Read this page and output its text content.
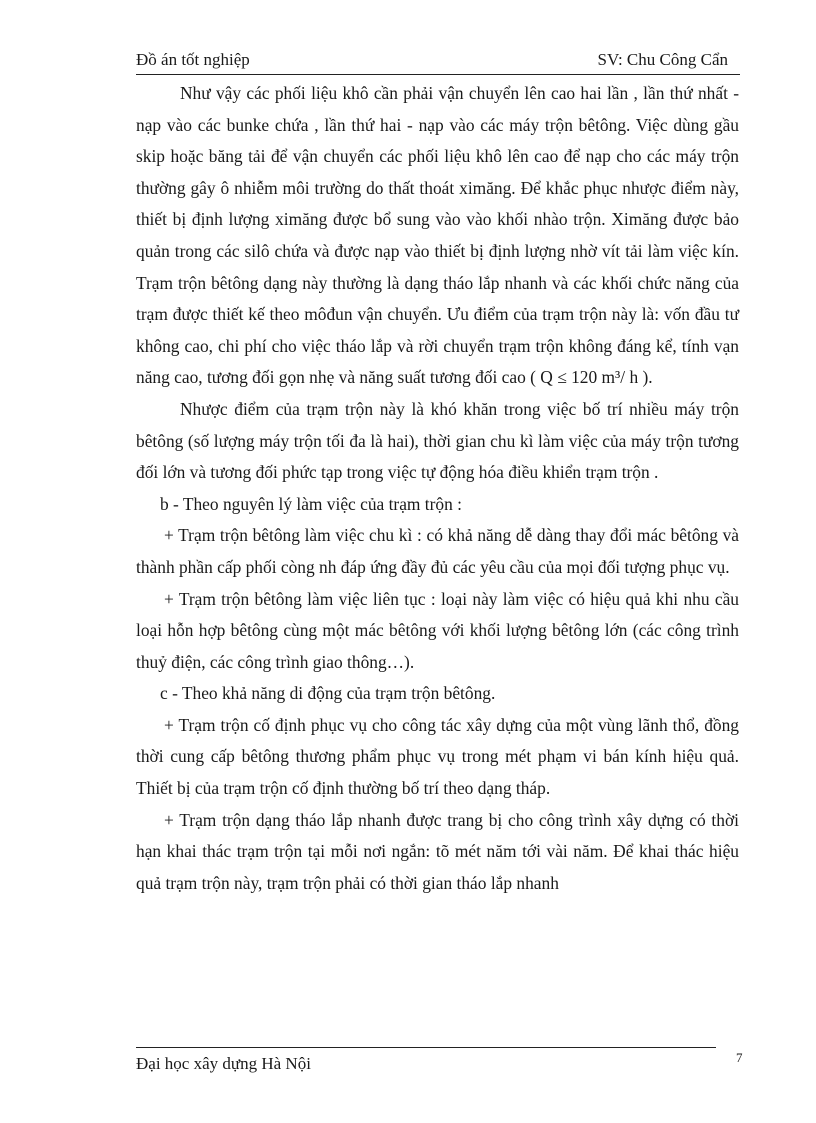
Đồ án tốt nghiệp	SV: Chu Công Cẩn

Như vậy các phối liệu khô cần phải vận chuyển lên cao hai lần , lần thứ nhất - nạp vào các bunke chứa , lần thứ hai - nạp vào các máy trộn bêtông. Việc dùng gầu skip hoặc băng tải để vận chuyển các phối liệu khô lên cao để nạp cho các máy trộn thường gây ô nhiễm môi trường do thất thoát ximăng. Để khắc phục nhược điểm này, thiết bị định lượng ximăng được bổ sung vào vào khối nhào trộn. Ximăng được bảo quản trong các silô chứa và được nạp vào thiết bị định lượng nhờ vít tải làm việc kín. Trạm trộn bêtông dạng này thường là dạng tháo lắp nhanh và các khối chức năng của trạm được thiết kế theo môđun vận chuyển. Ưu điểm của trạm trộn này là: vốn đầu tư không cao, chi phí cho việc tháo lắp và rời chuyển trạm trộn không đáng kể, tính vạn năng cao, tương đối gọn nhẹ và năng suất tương đối cao ( Q ≤ 120 m³/ h ).

Nhược điểm của trạm trộn này là khó khăn trong việc bố trí nhiều máy trộn bêtông (số lượng máy trộn tối đa là hai), thời gian chu kì làm việc của máy trộn tương đối lớn và tương đối phức tạp trong việc tự động hóa điều khiển trạm trộn .

b - Theo nguyên lý làm việc của trạm trộn :

+ Trạm trộn bêtông làm việc chu kì : có khả năng dễ dàng thay đổi mác bêtông và thành phần cấp phối còng nh đáp ứng đầy đủ các yêu cầu của mọi đối tượng phục vụ.

+ Trạm trộn bêtông làm việc liên tục : loại này làm việc có hiệu quả khi nhu cầu loại hỗn hợp bêtông cùng một mác bêtông với khối lượng bêtông lớn (các công trình thuỷ điện, các công trình giao thông…).

c - Theo khả năng di động của trạm trộn bêtông.

+ Trạm trộn cố định phục vụ cho công tác xây dựng của một vùng lãnh thổ, đồng thời cung cấp bêtông thương phẩm phục vụ trong mét phạm vi bán kính hiệu quả. Thiết bị của trạm trộn cố định thường bố trí theo dạng tháp.

+ Trạm trộn dạng tháo lắp nhanh được trang bị cho công trình xây dựng có thời hạn khai thác trạm trộn tại mỗi nơi ngắn: tõ mét năm tới vài năm. Để khai thác hiệu quả trạm trộn này, trạm trộn phải có thời gian tháo lắp nhanh

Đại học xây dựng Hà Nội	7
